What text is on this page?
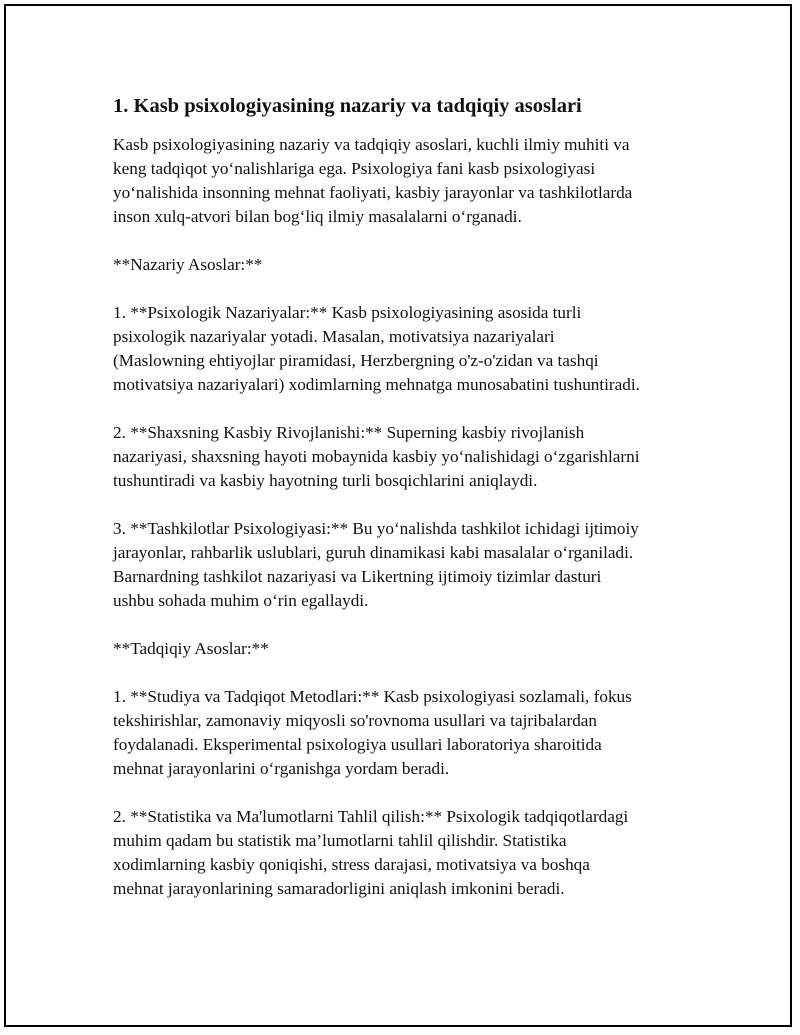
1. Kasb psixologiyasining nazariy va tadqiqiy asoslari

Kasb psixologiyasining nazariy va tadqiqiy asoslari, kuchli ilmiy muhiti va
keng tadqiqot yo‘nalishlariga ega. Psixologiya fani kasb psixologiyasi
yo‘nalishida insonning mehnat faoliyati, kasbiy jarayonlar va tashkilotlarda
inson xulq-atvori bilan bog‘liq ilmiy masalalarni o‘rganadi.

**Nazariy Asoslar:**

1. **Psixologik Nazariyalar:** Kasb psixologiyasining asosida turli
psixologik nazariyalar yotadi. Masalan, motivatsiya nazariyalari
(Maslowning ehtiyojlar piramidasi, Herzbergning o'z-o'zidan va tashqi
motivatsiya nazariyalari) xodimlarning mehnatga munosabatini tushuntiradi.

2. **Shaxsning Kasbiy Rivojlanishi:** Superning kasbiy rivojlanish
nazariyasi, shaxsning hayoti mobaynida kasbiy yo‘nalishidagi o‘zgarishlarni
tushuntiradi va kasbiy hayotning turli bosqichlarini aniqlaydi.

3. **Tashkilotlar Psixologiyasi:** Bu yo‘nalishda tashkilot ichidagi ijtimoiy
jarayonlar, rahbarlik uslublari, guruh dinamikasi kabi masalalar o‘rganiladi.
Barnardning tashkilot nazariyasi va Likertning ijtimoiy tizimlar dasturi
ushbu sohada muhim o‘rin egallaydi.

**Tadqiqiy Asoslar:**

1. **Studiya va Tadqiqot Metodlari:** Kasb psixologiyasi sozlamali, fokus
tekshirishlar, zamonaviy miqyosli so'rovnoma usullari va tajribalardan
foydalanadi. Eksperimental psixologiya usullari laboratoriya sharoitida
mehnat jarayonlarini o‘rganishga yordam beradi.

2. **Statistika va Ma'lumotlarni Tahlil qilish:** Psixologik tadqiqotlardagi
muhim qadam bu statistik ma’lumotlarni tahlil qilishdir. Statistika
xodimlarning kasbiy qoniqishi, stress darajasi, motivatsiya va boshqa
mehnat jarayonlarining samaradorligini aniqlash imkonini beradi.
